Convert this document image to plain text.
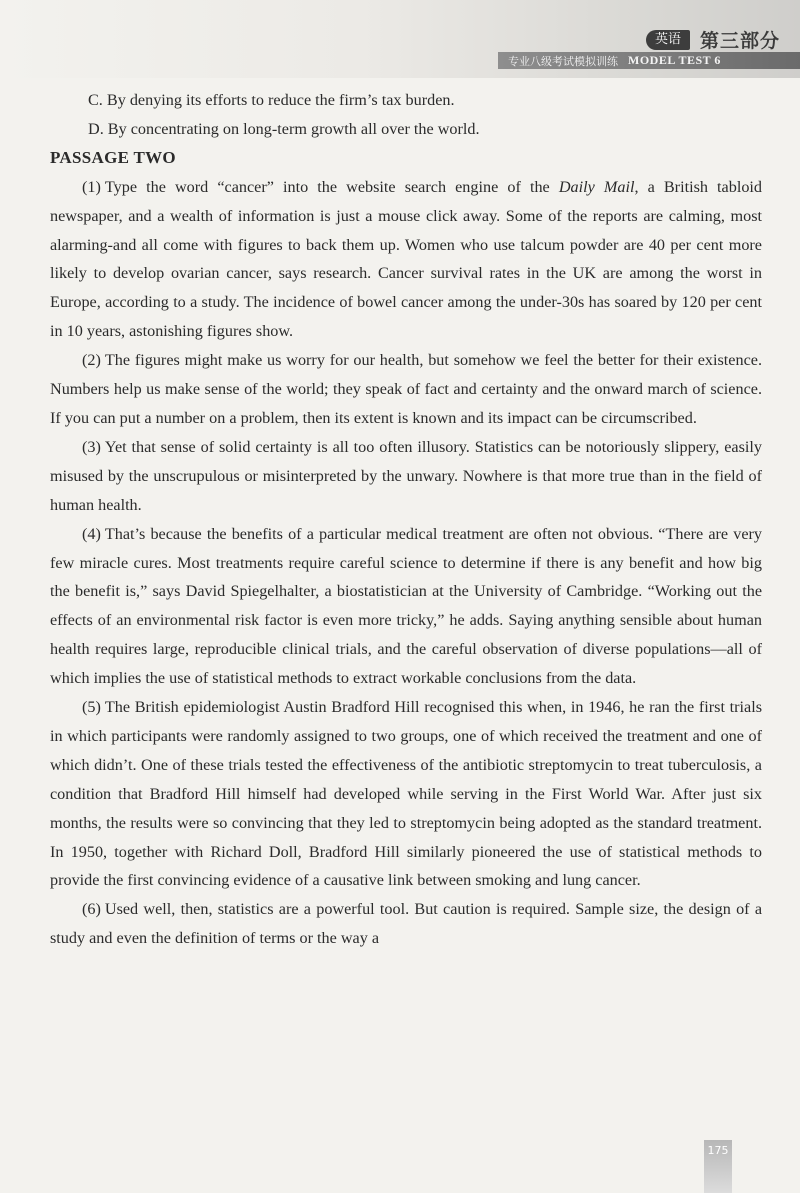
英语	第三部分
专业八级考试模拟训练 MODEL TEST 6

C. By denying its efforts to reduce the firm’s tax burden.

D. By concentrating on long-term growth all over the world.

PASSAGE TWO

(1) Type the word “cancer” into the website search engine of the Daily Mail, a British tabloid newspaper, and a wealth of information is just a mouse click away. Some of the reports are calming, most alarming-and all come with figures to back them up. Women who use talcum powder are 40 per cent more likely to develop ovarian cancer, says research. Cancer survival rates in the UK are among the worst in Europe, according to a study. The incidence of bowel cancer among the under-30s has soared by 120 per cent in 10 years, astonishing figures show.

(2) The figures might make us worry for our health, but somehow we feel the better for their existence. Numbers help us make sense of the world; they speak of fact and certainty and the onward march of science. If you can put a number on a problem, then its extent is known and its impact can be circumscribed.

(3) Yet that sense of solid certainty is all too often illusory. Statistics can be notoriously slippery, easily misused by the unscrupulous or misinterpreted by the unwary. Nowhere is that more true than in the field of human health.

(4) That’s because the benefits of a particular medical treatment are often not obvious. “There are very few miracle cures. Most treatments require careful science to determine if there is any benefit and how big the benefit is,” says David Spiegelhalter, a biostatistician at the University of Cambridge. “Working out the effects of an environmental risk factor is even more tricky,” he adds. Saying anything sensible about human health requires large, reproducible clinical trials, and the careful observation of diverse populations—all of which implies the use of statistical methods to extract workable conclusions from the data.

(5) The British epidemiologist Austin Bradford Hill recognised this when, in 1946, he ran the first trials in which participants were randomly assigned to two groups, one of which received the treatment and one of which didn’t. One of these trials tested the effectiveness of the antibiotic streptomycin to treat tuberculosis, a condition that Bradford Hill himself had developed while serving in the First World War. After just six months, the results were so convincing that they led to streptomycin being adopted as the standard treatment. In 1950, together with Richard Doll, Bradford Hill similarly pioneered the use of statistical methods to provide the first convincing evidence of a causative link between smoking and lung cancer.

(6) Used well, then, statistics are a powerful tool. But caution is required. Sample size, the design of a study and even the definition of terms or the way a

175
